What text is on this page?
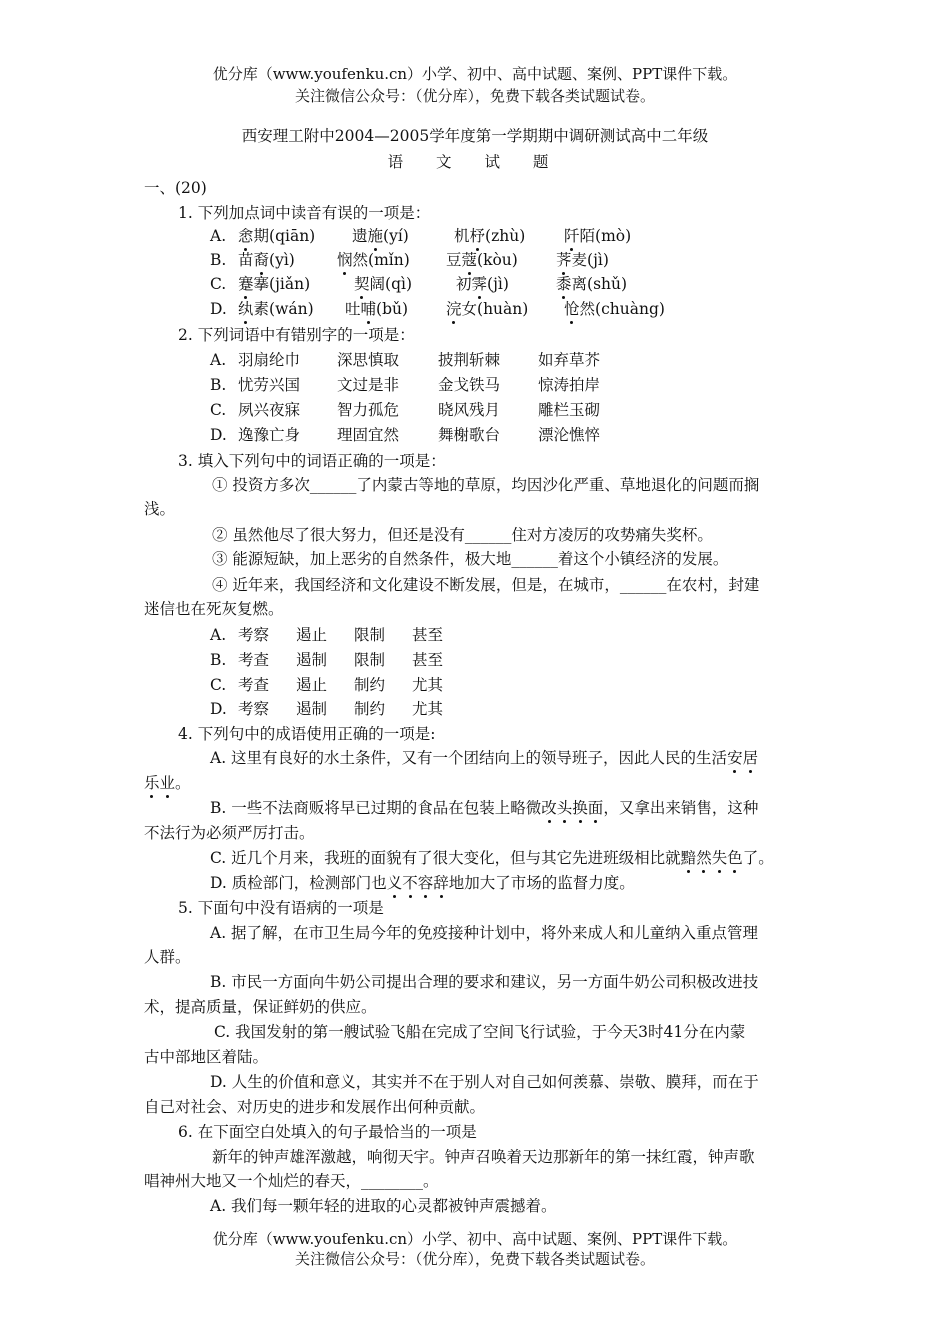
优分库（www.youfenku.cn）小学、初中、高中试题、案例、PPT课件下载。
关注微信公众号：（优分库），免费下载各类试题试卷。
西安理工附中2004—2005学年度第一学期期中调研测试高中二年级
语 文 试 题
一、(20)
1. 下列加点词中读音有误的一项是：
A. 悆期(qiān) 遗施(yí)	机杼(zhù) 阡陌(mò)
B. 苗裔(yì)	悯然(mǐn) 豆蔻(kòu) 荠麦(jì)
C. 蹇搴(jiǎn)	契阔(qì)	初霁(jì)	黍离(shǔ)
D. 纨素(wán) 吐哺(bǔ) 浣女(huàn) 怆然(chuàng)
2. 下列词语中有错别字的一项是：
A. 羽扇纶巾 深思慎取	披荆斩棘 如弃草芥
B. 忧劳兴国 文过是非	金戈铁马 惊涛拍岸
C. 夙兴夜寐 智力孤危	晓风残月 雕栏玉砌
D. 逸豫亡身 理固宜然	舞榭歌台 漂沦憔悴
3. 填入下列句中的词语正确的一项是：
① 投资方多次______了内蒙古等地的草原，均因沙化严重、草地退化的问题而搁
浅。
② 虽然他尽了很大努力，但还是没有______住对方凌厉的攻势痛失奖杯。
③ 能源短缺，加上恶劣的自然条件，极大地______着这个小镇经济的发展。
④ 近年来，我国经济和文化建设不断发展，但是，在城市，______在农村，封建
迷信也在死灰复燃。
A. 考察 遏止 限制 甚至
B. 考查 遏制 限制 甚至
C. 考查 遏止 制约 尤其
D. 考察 遏制 制约 尤其
4. 下列句中的成语使用正确的一项是:
A. 这里有良好的水土条件，又有一个团结向上的领导班子，因此人民的生活安居
乐业。
B. 一些不法商贩将早已过期的食品在包装上略微改头换面，又拿出来销售，这种
不法行为必须严厉打击。
C. 近几个月来，我班的面貌有了很大变化，但与其它先进班级相比就黯然失色了。
D. 质检部门，检测部门也义不容辞地加大了市场的监督力度。
5. 下面句中没有语病的一项是
A. 据了解，在市卫生局今年的免疫接种计划中，将外来成人和儿童纳入重点管理
人群。
B. 市民一方面向牛奶公司提出合理的要求和建议，另一方面牛奶公司积极改进技
术，提高质量，保证鲜奶的供应。
C. 我国发射的第一艘试验飞船在完成了空间飞行试验，于今天3时41分在内蒙
古中部地区着陆。
D. 人生的价值和意义，其实并不在于别人对自己如何羡慕、崇敬、膜拜，而在于
自己对社会、对历史的进步和发展作出何种贡献。
6. 在下面空白处填入的句子最恰当的一项是
新年的钟声雄浑激越，响彻天宇。钟声召唤着天边那新年的第一抹红霞，钟声歌
唱神州大地又一个灿烂的春天，________。
A. 我们每一颗年轻的进取的心灵都被钟声震撼着。
优分库（www.youfenku.cn）小学、初中、高中试题、案例、PPT课件下载。
关注微信公众号：（优分库），免费下载各类试题试卷。
